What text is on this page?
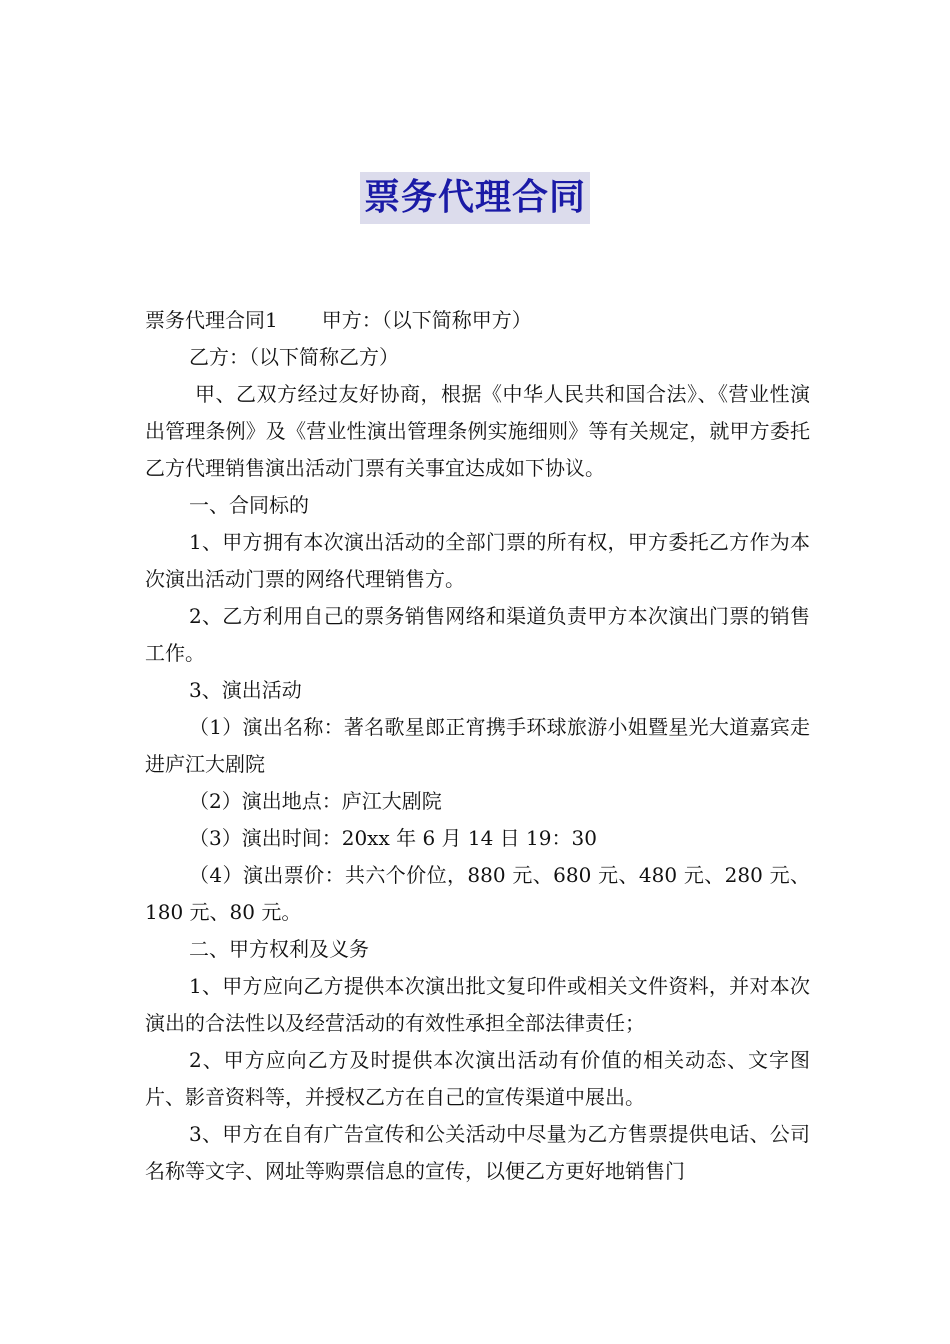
票务代理合同

票务代理合同1 甲方：（以下简称甲方）

乙方：（以下简称乙方）

甲、乙双方经过友好协商，根据《中华人民共和国合法》、《营业性演出管理条例》及《营业性演出管理条例实施细则》等有关规定，就甲方委托乙方代理销售演出活动门票有关事宜达成如下协议。

一、合同标的

1、甲方拥有本次演出活动的全部门票的所有权，甲方委托乙方作为本次演出活动门票的网络代理销售方。

2、乙方利用自己的票务销售网络和渠道负责甲方本次演出门票的销售工作。

3、演出活动

（1）演出名称：著名歌星郎正宵携手环球旅游小姐暨星光大道嘉宾走进庐江大剧院

（2）演出地点：庐江大剧院

（3）演出时间：20xx 年 6 月 14 日 19：30

（4）演出票价：共六个价位，880 元、680 元、480 元、280 元、180 元、80 元。

二、甲方权利及义务

1、甲方应向乙方提供本次演出批文复印件或相关文件资料，并对本次演出的合法性以及经营活动的有效性承担全部法律责任；

2、甲方应向乙方及时提供本次演出活动有价值的相关动态、文字图片、影音资料等，并授权乙方在自己的宣传渠道中展出。

3、甲方在自有广告宣传和公关活动中尽量为乙方售票提供电话、公司名称等文字、网址等购票信息的宣传，以便乙方更好地销售门
